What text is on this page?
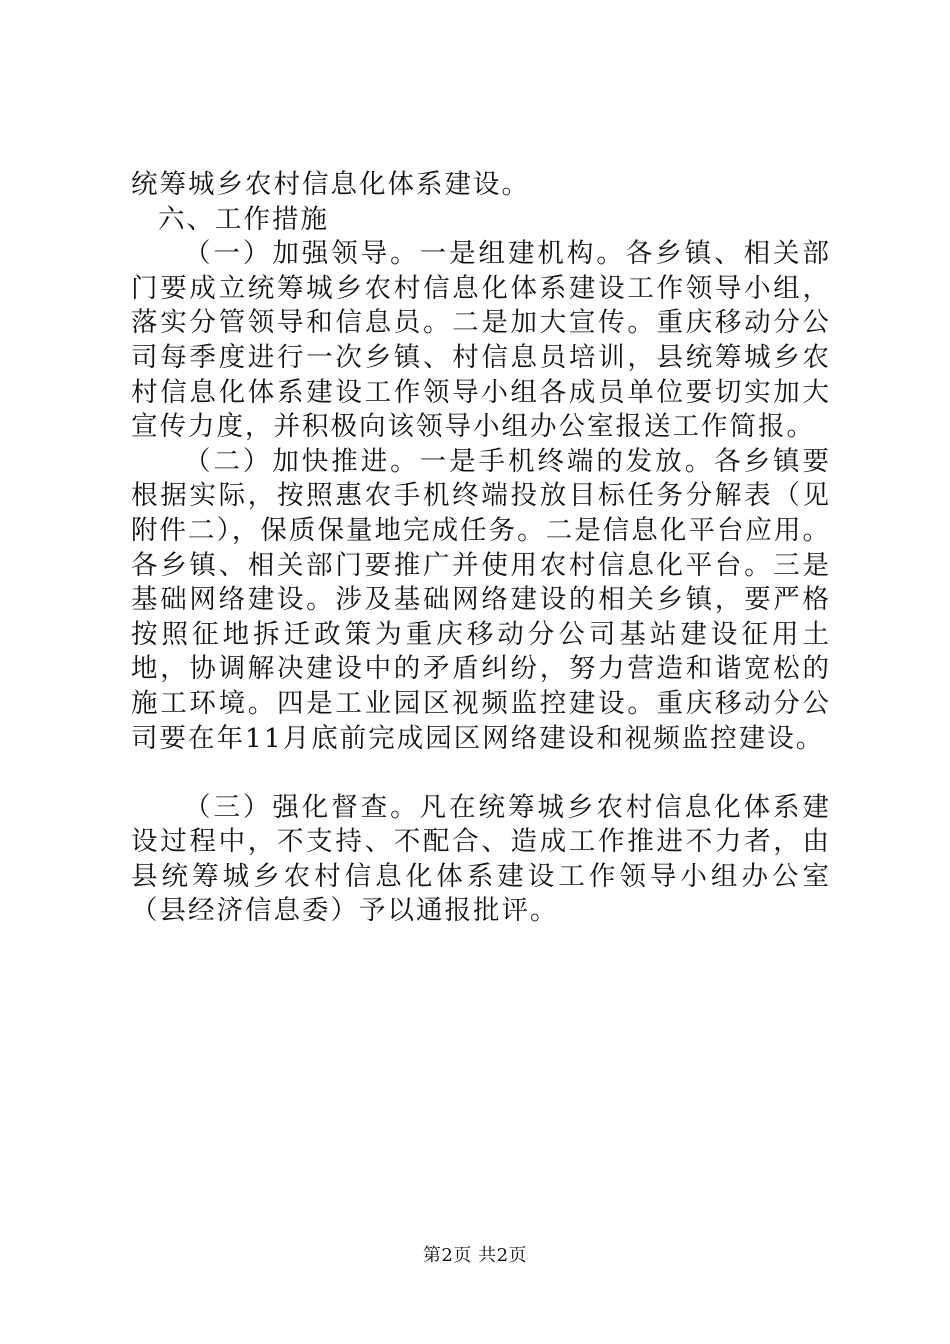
统筹城乡农村信息化体系建设。

六、工作措施

（一）加强领导。一是组建机构。各乡镇、相关部门要成立统筹城乡农村信息化体系建设工作领导小组，落实分管领导和信息员。二是加大宣传。重庆移动分公司每季度进行一次乡镇、村信息员培训，县统筹城乡农村信息化体系建设工作领导小组各成员单位要切实加大宣传力度，并积极向该领导小组办公室报送工作简报。

（二）加快推进。一是手机终端的发放。各乡镇要根据实际，按照惠农手机终端投放目标任务分解表（见附件二），保质保量地完成任务。二是信息化平台应用。各乡镇、相关部门要推广并使用农村信息化平台。三是基础网络建设。涉及基础网络建设的相关乡镇，要严格按照征地拆迁政策为重庆移动分公司基站建设征用土地，协调解决建设中的矛盾纠纷，努力营造和谐宽松的施工环境。四是工业园区视频监控建设。重庆移动分公司要在年11月底前完成园区网络建设和视频监控建设。

（三）强化督查。凡在统筹城乡农村信息化体系建设过程中，不支持、不配合、造成工作推进不力者，由县统筹城乡农村信息化体系建设工作领导小组办公室（县经济信息委）予以通报批评。

第2页 共2页
